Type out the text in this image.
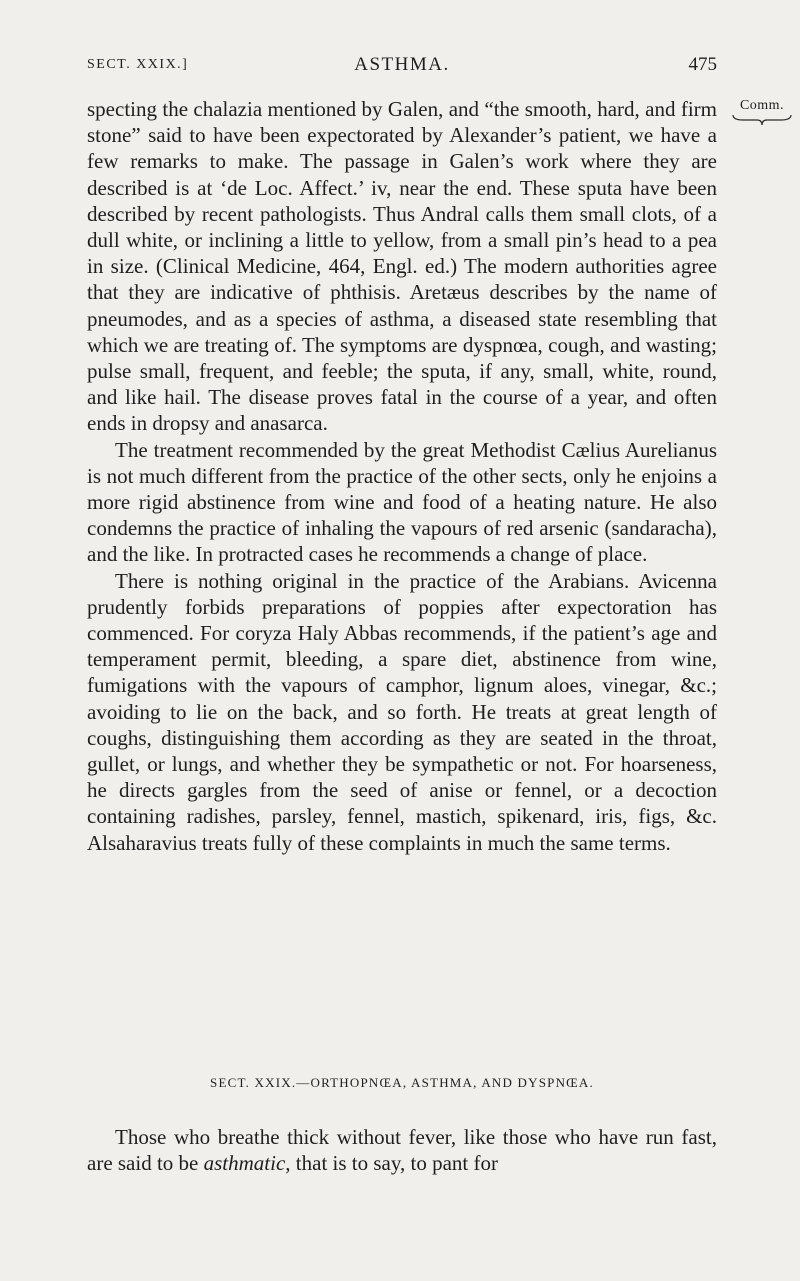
SECT. XXIX.]	ASTHMA.	475
Comm.

specting the chalazia mentioned by Galen, and “the smooth, hard, and firm stone” said to have been expectorated by Alexander’s patient, we have a few remarks to make. The passage in Galen’s work where they are described is at ‘de Loc. Affect.’ iv, near the end. These sputa have been described by recent pathologists. Thus Andral calls them small clots, of a dull white, or inclining a little to yellow, from a small pin’s head to a pea in size. (Clinical Medicine, 464, Engl. ed.) The modern authorities agree that they are indicative of phthisis. Aretæus describes by the name of pneumodes, and as a species of asthma, a diseased state resembling that which we are treating of. The symptoms are dyspnœa, cough, and wasting; pulse small, frequent, and feeble; the sputa, if any, small, white, round, and like hail. The disease proves fatal in the course of a year, and often ends in dropsy and anasarca.

The treatment recommended by the great Methodist Cælius Aurelianus is not much different from the practice of the other sects, only he enjoins a more rigid abstinence from wine and food of a heating nature. He also condemns the practice of inhaling the vapours of red arsenic (sandaracha), and the like. In protracted cases he recommends a change of place.

There is nothing original in the practice of the Arabians. Avicenna prudently forbids preparations of poppies after expectoration has commenced. For coryza Haly Abbas recommends, if the patient’s age and temperament permit, bleeding, a spare diet, abstinence from wine, fumigations with the vapours of camphor, lignum aloes, vinegar, &c.; avoiding to lie on the back, and so forth. He treats at great length of coughs, distinguishing them according as they are seated in the throat, gullet, or lungs, and whether they be sympathetic or not. For hoarseness, he directs gargles from the seed of anise or fennel, or a decoction containing radishes, parsley, fennel, mastich, spikenard, iris, figs, &c. Alsaharavius treats fully of these complaints in much the same terms.

SECT. XXIX.—ORTHOPNŒA, ASTHMA, AND DYSPNŒA.

Those who breathe thick without fever, like those who have run fast, are said to be asthmatic, that is to say, to pant for
